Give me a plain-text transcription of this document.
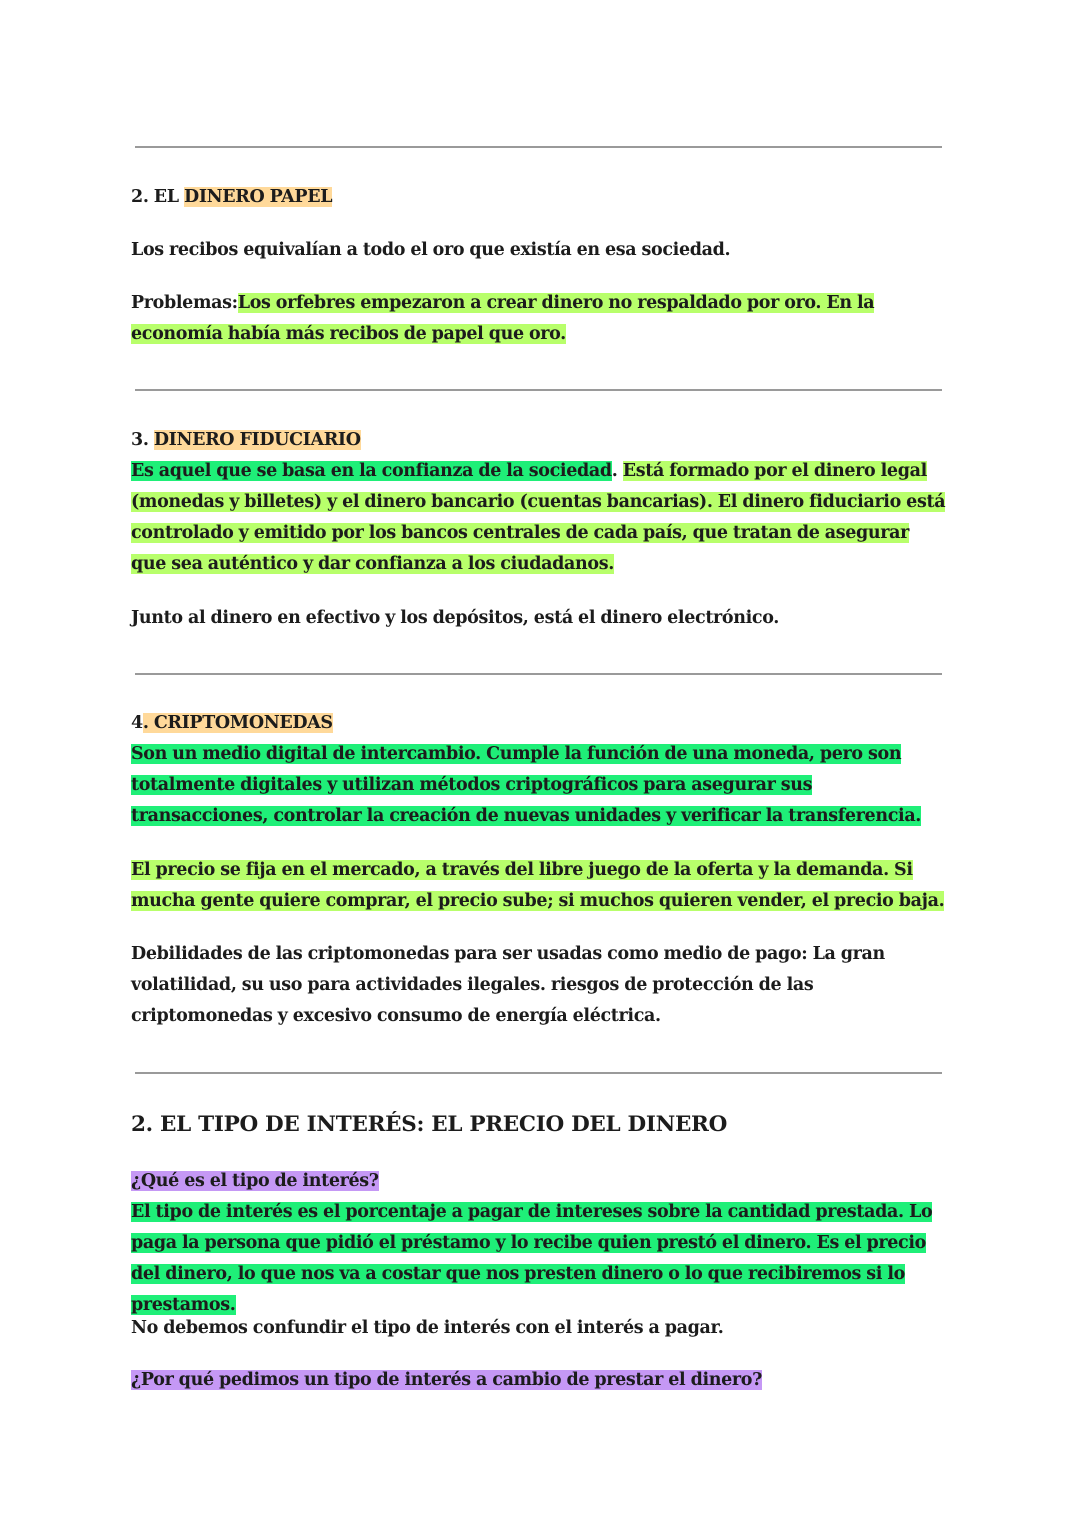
2. EL DINERO PAPEL
Los recibos equivalían a todo el oro que existía en esa sociedad.
Problemas:Los orfebres empezaron a crear dinero no respaldado por oro. En la economía había más recibos de papel que oro.
3. DINERO FIDUCIARIO
Es aquel que se basa en la confianza de la sociedad. Está formado por el dinero legal (monedas y billetes) y el dinero bancario (cuentas bancarias). El dinero fiduciario está controlado y emitido por los bancos centrales de cada país, que tratan de asegurar que sea auténtico y dar confianza a los ciudadanos.
Junto al dinero en efectivo y los depósitos, está el dinero electrónico.
4. CRIPTOMONEDAS
Son un medio digital de intercambio. Cumple la función de una moneda, pero son totalmente digitales y utilizan métodos criptográficos para asegurar sus transacciones, controlar la creación de nuevas unidades y verificar la transferencia.
El precio se fija en el mercado, a través del libre juego de la oferta y la demanda. Si mucha gente quiere comprar, el precio sube; si muchos quieren vender, el precio baja.
Debilidades de las criptomonedas para ser usadas como medio de pago: La gran volatilidad, su uso para actividades ilegales. riesgos de protección de las criptomonedas y excesivo consumo de energía eléctrica.
2. EL TIPO DE INTERÉS: EL PRECIO DEL DINERO
¿Qué es el tipo de interés?
El tipo de interés es el porcentaje a pagar de intereses sobre la cantidad prestada. Lo paga la persona que pidió el préstamo y lo recibe quien prestó el dinero. Es el precio del dinero, lo que nos va a costar que nos presten dinero o lo que recibiremos si lo prestamos.
No debemos confundir el tipo de interés con el interés a pagar.
¿Por qué pedimos un tipo de interés a cambio de prestar el dinero?
